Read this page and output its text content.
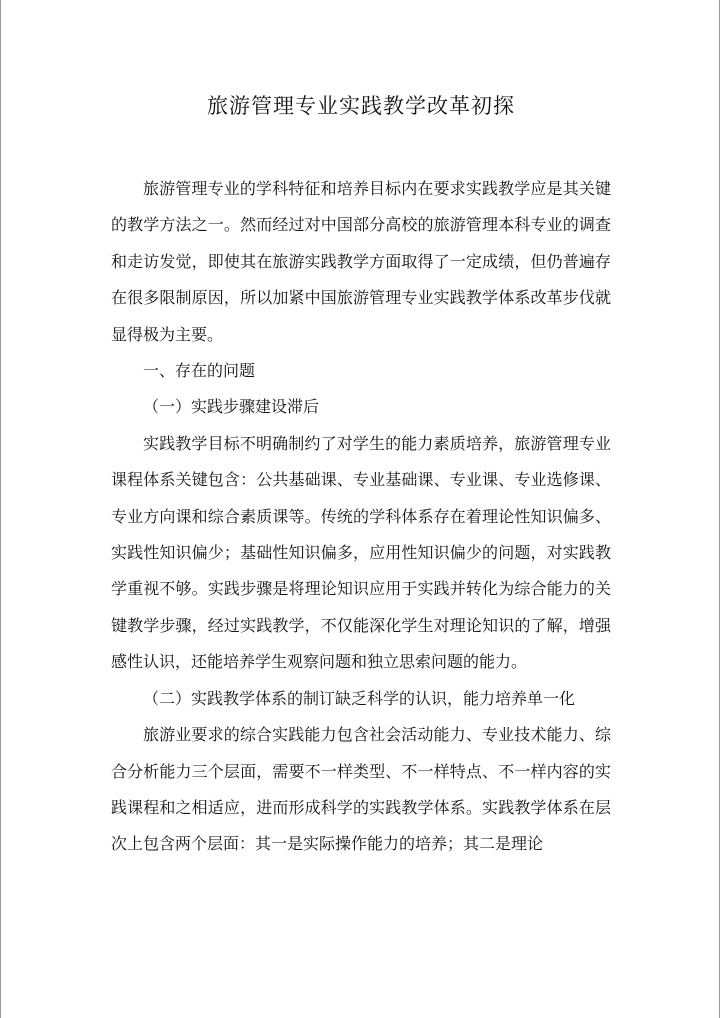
旅游管理专业实践教学改革初探

旅游管理专业的学科特征和培养目标内在要求实践教学应是其关键的教学方法之一。然而经过对中国部分高校的旅游管理本科专业的调查和走访发觉，即使其在旅游实践教学方面取得了一定成绩，但仍普遍存在很多限制原因，所以加紧中国旅游管理专业实践教学体系改革步伐就显得极为主要。

一、存在的问题

（一）实践步骤建设滞后

实践教学目标不明确制约了对学生的能力素质培养，旅游管理专业课程体系关键包含：公共基础课、专业基础课、专业课、专业选修课、专业方向课和综合素质课等。传统的学科体系存在着理论性知识偏多、实践性知识偏少；基础性知识偏多，应用性知识偏少的问题，对实践教学重视不够。实践步骤是将理论知识应用于实践并转化为综合能力的关键教学步骤，经过实践教学，不仅能深化学生对理论知识的了解，增强感性认识，还能培养学生观察问题和独立思索问题的能力。

（二）实践教学体系的制订缺乏科学的认识，能力培养单一化

旅游业要求的综合实践能力包含社会活动能力、专业技术能力、综合分析能力三个层面，需要不一样类型、不一样特点、不一样内容的实践课程和之相适应，进而形成科学的实践教学体系。实践教学体系在层次上包含两个层面：其一是实际操作能力的培养；其二是理论
